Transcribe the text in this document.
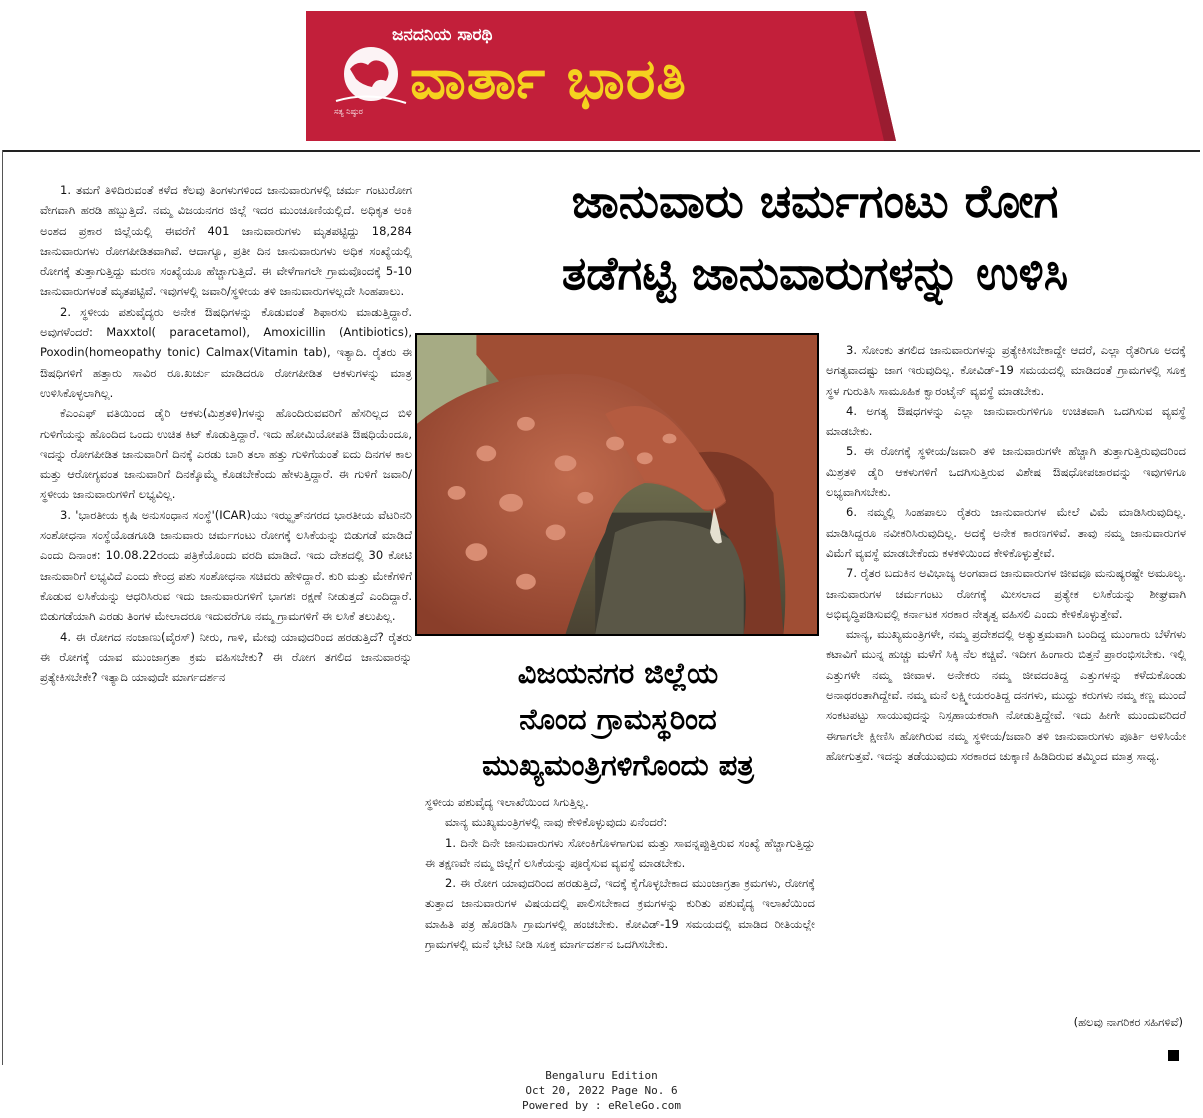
ಜನದನಿಯ ಸಾರಥಿ
ವಾರ್ತಾ ಭಾರತಿ
ಸತ್ಯ ನಿಷ್ಠುರ
ಜಾನುವಾರು ಚರ್ಮಗಂಟು ರೋಗ
ತಡೆಗಟ್ಟಿ ಜಾನುವಾರುಗಳನ್ನು ಉಳಿಸಿ
ವಿಜಯನಗರ ಜಿಲ್ಲೆಯ
ನೊಂದ ಗ್ರಾಮಸ್ಥರಿಂದ
ಮುಖ್ಯಮಂತ್ರಿಗಳಿಗೊಂದು ಪತ್ರ

1. ತಮಗೆ ತಿಳಿದಿರುವಂತೆ ಕಳೆದ ಕೆಲವು ತಿಂಗಳುಗಳಿಂದ ಜಾನುವಾರುಗಳಲ್ಲಿ ಚರ್ಮ ಗಂಟುರೋಗ ವೇಗವಾಗಿ ಹರಡಿ ಹಬ್ಬುತ್ತಿದೆ. ನಮ್ಮ ವಿಜಯನಗರ ಜಿಲ್ಲೆ ಇದರ ಮುಂಚೂಣಿಯಲ್ಲಿದೆ. ಅಧಿಕೃತ ಅಂಕಿ ಅಂಶದ ಪ್ರಕಾರ ಜಿಲ್ಲೆಯಲ್ಲಿ ಈವರೆಗೆ 401 ಜಾನುವಾರುಗಳು ಮೃತಪಟ್ಟಿದ್ದು 18,284 ಜಾನುವಾರುಗಳು ರೋಗಪೀಡಿತವಾಗಿವೆ. ಆದಾಗ್ಯೂ, ಪ್ರತೀ ದಿನ ಜಾನುವಾರುಗಳು ಅಧಿಕ ಸಂಖ್ಯೆಯಲ್ಲಿ ರೋಗಕ್ಕೆ ತುತ್ತಾಗುತ್ತಿದ್ದು ಮರಣ ಸಂಖ್ಯೆಯೂ ಹೆಚ್ಚಾಗುತ್ತಿದೆ. ಈ ವೇಳೆಗಾಗಲೇ ಗ್ರಾಮವೊಂದಕ್ಕೆ 5-10 ಜಾನುವಾರುಗಳಂತೆ ಮೃತಪಟ್ಟಿವೆ. ಇವುಗಳಲ್ಲಿ ಜವಾರಿ/ಸ್ಥಳೀಯ ತಳಿ ಜಾನುವಾರುಗಳಲ್ಲದೇ ಸಿಂಹಪಾಲು.

2. ಸ್ಥಳೀಯ ಪಶುವೈದ್ಯರು ಅನೇಕ ಔಷಧಿಗಳನ್ನು ಕೊಡುವಂತೆ ಶಿಫಾರಸು ಮಾಡುತ್ತಿದ್ದಾರೆ. ಅವುಗಳೆಂದರೆ: Maxxtol( paracetamol), Amoxicillin (Antibiotics), Poxodin(homeopathy tonic) Calmax(Vitamin tab), ಇತ್ಯಾದಿ. ರೈತರು ಈ ಔಷಧಿಗಳಿಗೆ ಹತ್ತಾರು ಸಾವಿರ ರೂ.ಖರ್ಚು ಮಾಡಿದರೂ ರೋಗಪೀಡಿತ ಆಕಳುಗಳನ್ನು ಮಾತ್ರ ಉಳಿಸಿಕೊಳ್ಳಲಾಗಿಲ್ಲ.

ಕೆಎಂಎಫ್ ವತಿಯಿಂದ ಡೈರಿ ಆಕಳು(ಮಿಶ್ರತಳಿ)ಗಳನ್ನು ಹೊಂದಿರುವವರಿಗೆ ಹೆಸರಿಲ್ಲದ ಬಿಳಿ ಗುಳಿಗೆಯನ್ನು ಹೊಂದಿದ ಒಂದು ಉಚಿತ ಕಿಟ್ ಕೊಡುತ್ತಿದ್ದಾರೆ. ಇದು ಹೋಮಿಯೋಪತಿ ಔಷಧಿಯೆಂದೂ, ಇದನ್ನು ರೋಗಪೀಡಿತ ಜಾನುವಾರಿಗೆ ದಿನಕ್ಕೆ ಎರಡು ಬಾರಿ ತಲಾ ಹತ್ತು ಗುಳಿಗೆಯಂತೆ ಐದು ದಿನಗಳ ಕಾಲ ಮತ್ತು ಆರೋಗ್ಯವಂತ ಜಾನುವಾರಿಗೆ ದಿನಕ್ಕೊಮ್ಮೆ ಕೊಡಬೇಕೆಂದು ಹೇಳುತ್ತಿದ್ದಾರೆ. ಈ ಗುಳಿಗೆ ಜವಾರಿ/ಸ್ಥಳೀಯ ಜಾನುವಾರುಗಳಿಗೆ ಲಭ್ಯವಿಲ್ಲ.

3. 'ಭಾರತೀಯ ಕೃಷಿ ಅನುಸಂಧಾನ ಸಂಸ್ಥೆ'(ICAR)ಯು ಇಝ್ಝತ್‌ನಗರದ ಭಾರತೀಯ ವೆಟರಿನರಿ ಸಂಶೋಧನಾ ಸಂಸ್ಥೆಯೊಡಗೂಡಿ ಜಾನುವಾರು ಚರ್ಮಗಂಟು ರೋಗಕ್ಕೆ ಲಸಿಕೆಯನ್ನು ಬಿಡುಗಡೆ ಮಾಡಿದೆ ಎಂದು ದಿನಾಂಕ: 10.08.22ರಂದು ಪತ್ರಿಕೆಯೊಂದು ವರದಿ ಮಾಡಿದೆ. ಇದು ದೇಶದಲ್ಲಿ 30 ಕೋಟಿ ಜಾನುವಾರಿಗೆ ಲಭ್ಯವಿದೆ ಎಂದು ಕೇಂದ್ರ ಪಶು ಸಂಶೋಧನಾ ಸಚಿವರು ಹೇಳಿದ್ದಾರೆ. ಕುರಿ ಮತ್ತು ಮೇಕೆಗಳಿಗೆ ಕೊಡುವ ಲಸಿಕೆಯನ್ನು ಆಧರಿಸಿರುವ ಇದು ಜಾನುವಾರುಗಳಿಗೆ ಭಾಗಶಃ ರಕ್ಷಣೆ ನೀಡುತ್ತದೆ ಎಂದಿದ್ದಾರೆ. ಬಿಡುಗಡೆಯಾಗಿ ಎರಡು ತಿಂಗಳ ಮೇಲಾದರೂ ಇದುವರೆಗೂ ನಮ್ಮ ಗ್ರಾಮಗಳಿಗೆ ಈ ಲಸಿಕೆ ತಲುಪಿಲ್ಲ.

4. ಈ ರೋಗದ ನಂಜಾಣು(ವೈರಸ್) ನೀರು, ಗಾಳಿ, ಮೇವು ಯಾವುದರಿಂದ ಹರಡುತ್ತಿದೆ? ರೈತರು ಈ ರೋಗಕ್ಕೆ ಯಾವ ಮುಂಜಾಗ್ರತಾ ಕ್ರಮ ವಹಿಸಬೇಕು? ಈ ರೋಗ ತಗಲಿದ ಜಾನುವಾರನ್ನು ಪ್ರತ್ಯೇಕಿಸಬೇಕೇ? ಇತ್ಯಾದಿ ಯಾವುದೇ ಮಾರ್ಗದರ್ಶನ

ಸ್ಥಳೀಯ ಪಶುವೈದ್ಯ ಇಲಾಖೆಯಿಂದ ಸಿಗುತ್ತಿಲ್ಲ.

ಮಾನ್ಯ ಮುಖ್ಯಮಂತ್ರಿಗಳಲ್ಲಿ ನಾವು ಕೇಳಿಕೊಳ್ಳುವುದು ಏನೆಂದರೆ:

1. ದಿನೇ ದಿನೇ ಜಾನುವಾರುಗಳು ಸೋಂಕಿಗೊಳಗಾಗುವ ಮತ್ತು ಸಾವನ್ನಪ್ಪುತ್ತಿರುವ ಸಂಖ್ಯೆ ಹೆಚ್ಚಾಗುತ್ತಿದ್ದು ಈ ತಕ್ಷಣವೇ ನಮ್ಮ ಜಿಲ್ಲೆಗೆ ಲಸಿಕೆಯನ್ನು ಪೂರೈಸುವ ವ್ಯವಸ್ಥೆ ಮಾಡಬೇಕು.

2. ಈ ರೋಗ ಯಾವುದರಿಂದ ಹರಡುತ್ತಿದೆ, ಇದಕ್ಕೆ ಕೈಗೊಳ್ಳಬೇಕಾದ ಮುಂಜಾಗ್ರತಾ ಕ್ರಮಗಳು, ರೋಗಕ್ಕೆ ತುತ್ತಾದ ಜಾನುವಾರುಗಳ ವಿಷಯದಲ್ಲಿ ಪಾಲಿಸಬೇಕಾದ ಕ್ರಮಗಳನ್ನು ಕುರಿತು ಪಶುವೈದ್ಯ ಇಲಾಖೆಯಿಂದ ಮಾಹಿತಿ ಪತ್ರ ಹೊರಡಿಸಿ ಗ್ರಾಮಗಳಲ್ಲಿ ಹಂಚಬೇಕು. ಕೋವಿಡ್-19 ಸಮಯದಲ್ಲಿ ಮಾಡಿದ ರೀತಿಯಲ್ಲೇ ಗ್ರಾಮಗಳಲ್ಲಿ ಮನೆ ಭೇಟಿ ನೀಡಿ ಸೂಕ್ತ ಮಾರ್ಗದರ್ಶನ ಒದಗಿಸಬೇಕು.

3. ಸೋಂಕು ತಗಲಿದ ಜಾನುವಾರುಗಳನ್ನು ಪ್ರತ್ಯೇಕಿಸಬೇಕಾದ್ದೇ ಆದರೆ, ಎಲ್ಲಾ ರೈತರಿಗೂ ಅದಕ್ಕೆ ಅಗತ್ಯವಾದಷ್ಟು ಜಾಗ ಇರುವುದಿಲ್ಲ. ಕೋವಿಡ್-19 ಸಮಯದಲ್ಲಿ ಮಾಡಿದಂತೆ ಗ್ರಾಮಗಳಲ್ಲಿ ಸೂಕ್ತ ಸ್ಥಳ ಗುರುತಿಸಿ ಸಾಮೂಹಿಕ ಕ್ವಾರಂಟೈನ್ ವ್ಯವಸ್ಥೆ ಮಾಡಬೇಕು.

4. ಅಗತ್ಯ ಔಷಧಗಳನ್ನು ಎಲ್ಲಾ ಜಾನುವಾರುಗಳಿಗೂ ಉಚಿತವಾಗಿ ಒದಗಿಸುವ ವ್ಯವಸ್ಥೆ ಮಾಡಬೇಕು.

5. ಈ ರೋಗಕ್ಕೆ ಸ್ಥಳೀಯ/ಜವಾರಿ ತಳಿ ಜಾನುವಾರುಗಳೇ ಹೆಚ್ಚಾಗಿ ತುತ್ತಾಗುತ್ತಿರುವುದರಿಂದ ಮಿಶ್ರತಳಿ ಡೈರಿ ಆಕಳುಗಳಿಗೆ ಒದಗಿಸುತ್ತಿರುವ ವಿಶೇಷ ಔಷಧೋಪಚಾರವನ್ನು ಇವುಗಳಿಗೂ ಲಭ್ಯವಾಗಿಸಬೇಕು.

6. ನಮ್ಮಲ್ಲಿ ಸಿಂಹಪಾಲು ರೈತರು ಜಾನುವಾರುಗಳ ಮೇಲೆ ವಿಮೆ ಮಾಡಿಸಿರುವುದಿಲ್ಲ. ಮಾಡಿಸಿದ್ದರೂ ನವೀಕರಿಸಿರುವುದಿಲ್ಲ. ಅದಕ್ಕೆ ಅನೇಕ ಕಾರಣಗಳಿವೆ. ತಾವು ನಮ್ಮ ಜಾನುವಾರುಗಳ ವಿಮೆಗೆ ವ್ಯವಸ್ಥೆ ಮಾಡಬೇಕೆಂದು ಕಳಕಳಿಯಿಂದ ಕೇಳಿಕೊಳ್ಳುತ್ತೇವೆ.

7. ರೈತರ ಬದುಕಿನ ಅವಿಭಾಜ್ಯ ಅಂಗವಾದ ಜಾನುವಾರುಗಳ ಜೀವವೂ ಮನುಷ್ಯರಷ್ಟೇ ಅಮೂಲ್ಯ. ಜಾನುವಾರುಗಳ ಚರ್ಮಗಂಟು ರೋಗಕ್ಕೆ ಮೀಸಲಾದ ಪ್ರತ್ಯೇಕ ಲಸಿಕೆಯನ್ನು ಶೀಘ್ರವಾಗಿ ಅಭಿವೃದ್ಧಿಪಡಿಸುವಲ್ಲಿ ಕರ್ನಾಟಕ ಸರಕಾರ ನೇತೃತ್ವ ವಹಿಸಲಿ ಎಂದು ಕೇಳಿಕೊಳ್ಳುತ್ತೇವೆ.

ಮಾನ್ಯ, ಮುಖ್ಯಮಂತ್ರಿಗಳೇ, ನಮ್ಮ ಪ್ರದೇಶದಲ್ಲಿ ಅತ್ಯುತ್ತಮವಾಗಿ ಬಂದಿದ್ದ ಮುಂಗಾರು ಬೆಳೆಗಳು ಕಟಾವಿಗೆ ಮುನ್ನ ಹುಚ್ಚು ಮಳೆಗೆ ಸಿಕ್ಕಿ ನೆಲ ಕಚ್ಚಿವೆ. ಇದೀಗ ಹಿಂಗಾರು ಬಿತ್ತನೆ ಪ್ರಾರಂಭಿಸಬೇಕು. ಇಲ್ಲಿ ಎತ್ತುಗಳೇ ನಮ್ಮ ಜೀವಾಳ. ಅನೇಕರು ನಮ್ಮ ಜೀವದಂತಿದ್ದ ಎತ್ತುಗಳನ್ನು ಕಳೆದುಕೊಂಡು ಅನಾಥರಂತಾಗಿದ್ದೇವೆ. ನಮ್ಮ ಮನೆ ಲಕ್ಷ್ಮೀಯರಂತಿದ್ದ ದನಗಳು, ಮುದ್ದು ಕರುಗಳು ನಮ್ಮ ಕಣ್ಣ ಮುಂದೆ ಸಂಕಟಪಟ್ಟು ಸಾಯುವುದನ್ನು ನಿಸ್ಸಹಾಯಕರಾಗಿ ನೋಡುತ್ತಿದ್ದೇವೆ. ಇದು ಹೀಗೇ ಮುಂದುವರಿದರೆ ಈಗಾಗಲೇ ಕ್ಷೀಣಿಸಿ ಹೋಗಿರುವ ನಮ್ಮ ಸ್ಥಳೀಯ/ಜವಾರಿ ತಳಿ ಜಾನುವಾರುಗಳು ಪೂರ್ತಿ ಅಳಿಸಿಯೇ ಹೋಗುತ್ತವೆ. ಇದನ್ನು ತಡೆಯುವುದು ಸರಕಾರದ ಚುಕ್ಕಾಣಿ ಹಿಡಿದಿರುವ ತಮ್ಮಿಂದ ಮಾತ್ರ ಸಾಧ್ಯ.

(ಹಲವು ನಾಗರಿಕರ ಸಹಿಗಳಿವೆ)
Bengaluru Edition
Oct 20, 2022 Page No. 6
Powered by : eReleGo.com
